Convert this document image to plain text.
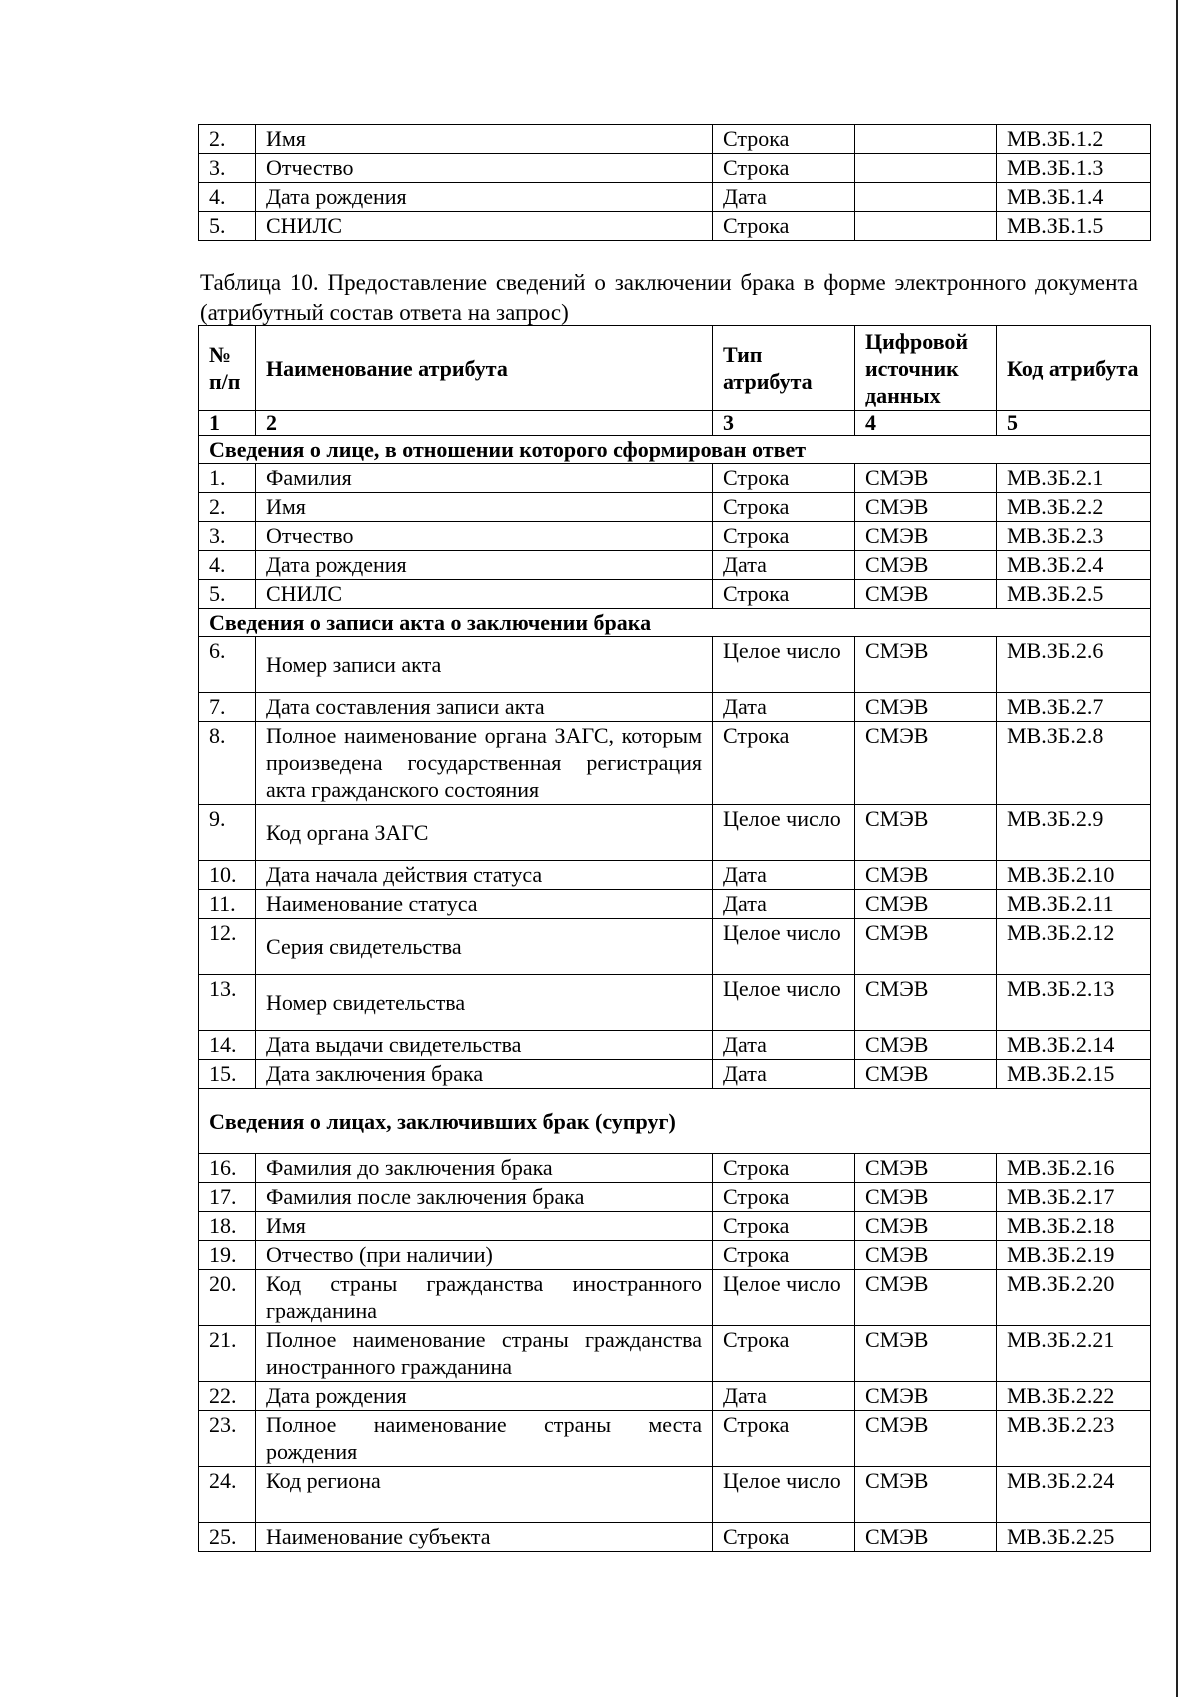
2.	Имя	Строка		МВ.ЗБ.1.2
3.	Отчество	Строка		МВ.ЗБ.1.3
4.	Дата рождения	Дата		МВ.ЗБ.1.4
5.	СНИЛС	Строка		МВ.ЗБ.1.5
Таблица 10. Предоставление сведений о заключении брака в форме электронного документа (атрибутный состав ответа на запрос)
№ п/п	Наименование атрибута	Тип атрибута	Цифровой источник данных	Код атрибута
1	2	3	4	5
Сведения о лице, в отношении которого сформирован ответ				
1.	Фамилия	Строка	СМЭВ	МВ.ЗБ.2.1
2.	Имя	Строка	СМЭВ	МВ.ЗБ.2.2
3.	Отчество	Строка	СМЭВ	МВ.ЗБ.2.3
4.	Дата рождения	Дата	СМЭВ	МВ.ЗБ.2.4
5.	СНИЛС	Строка	СМЭВ	МВ.ЗБ.2.5
Сведения о записи акта о заключении брака				
6.	Номер записи акта	Целое число	СМЭВ	МВ.ЗБ.2.6
7.	Дата составления записи акта	Дата	СМЭВ	МВ.ЗБ.2.7
8.	Полное наименование органа ЗАГС, которым произведена государственная регистрация акта гражданского состояния	Строка	СМЭВ	МВ.ЗБ.2.8
9.	Код органа ЗАГС	Целое число	СМЭВ	МВ.ЗБ.2.9
10.	Дата начала действия статуса	Дата	СМЭВ	МВ.ЗБ.2.10
11.	Наименование статуса	Дата	СМЭВ	МВ.ЗБ.2.11
12.	Серия свидетельства	Целое число	СМЭВ	МВ.ЗБ.2.12
13.	Номер свидетельства	Целое число	СМЭВ	МВ.ЗБ.2.13
14.	Дата выдачи свидетельства	Дата	СМЭВ	МВ.ЗБ.2.14
15.	Дата заключения брака	Дата	СМЭВ	МВ.ЗБ.2.15
Сведения о лицах, заключивших брак (супруг)				
16.	Фамилия до заключения брака	Строка	СМЭВ	МВ.ЗБ.2.16
17.	Фамилия после заключения брака	Строка	СМЭВ	МВ.ЗБ.2.17
18.	Имя	Строка	СМЭВ	МВ.ЗБ.2.18
19.	Отчество (при наличии)	Строка	СМЭВ	МВ.ЗБ.2.19
20.	Код страны гражданства иностранного гражданина	Целое число	СМЭВ	МВ.ЗБ.2.20
21.	Полное наименование страны гражданства иностранного гражданина	Строка	СМЭВ	МВ.ЗБ.2.21
22.	Дата рождения	Дата	СМЭВ	МВ.ЗБ.2.22
23.	Полное наименование страны места рождения	Строка	СМЭВ	МВ.ЗБ.2.23
24.	Код региона	Целое число	СМЭВ	МВ.ЗБ.2.24
25.	Наименование субъекта	Строка	СМЭВ	МВ.ЗБ.2.25
